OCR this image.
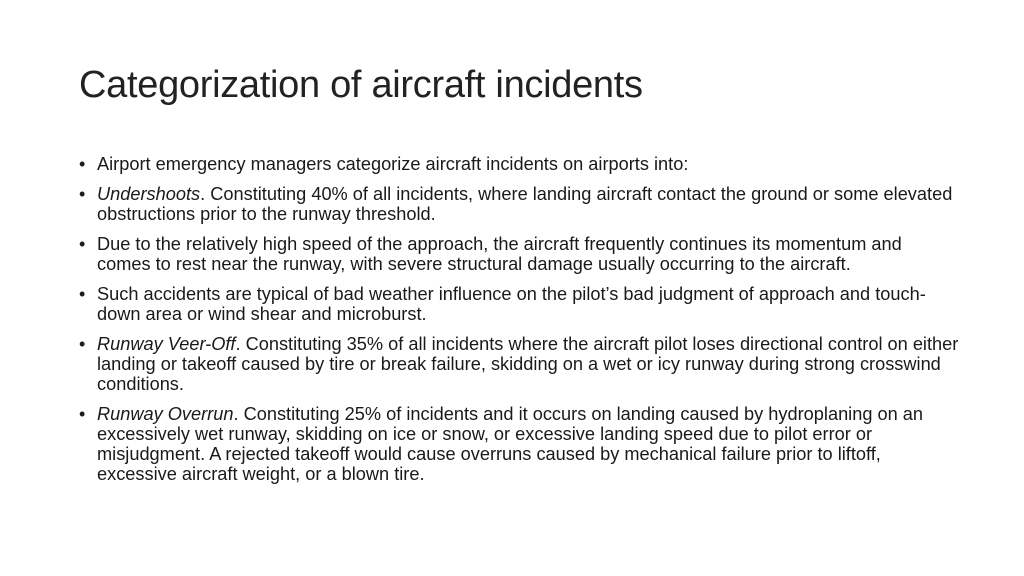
Categorization of aircraft incidents
• Airport emergency managers categorize aircraft incidents on airports into:
• Undershoots. Constituting 40% of all incidents, where landing aircraft contact the ground or some elevated obstructions prior to the runway threshold.
• Due to the relatively high speed of the approach, the aircraft frequently continues its momentum and comes to rest near the runway, with severe structural damage usually occurring to the aircraft.
• Such accidents are typical of bad weather influence on the pilot’s bad judgment of approach and touch-down area or wind shear and microburst.
• Runway Veer-Off. Constituting 35% of all incidents where the aircraft pilot loses directional control on either landing or takeoff caused by tire or break failure, skidding on a wet or icy runway during strong crosswind conditions.
• Runway Overrun. Constituting 25% of incidents and it occurs on landing caused by hydroplaning on an excessively wet runway, skidding on ice or snow, or excessive landing speed due to pilot error or misjudgment. A rejected takeoff would cause overruns caused by mechanical failure prior to liftoff, excessive aircraft weight, or a blown tire.
